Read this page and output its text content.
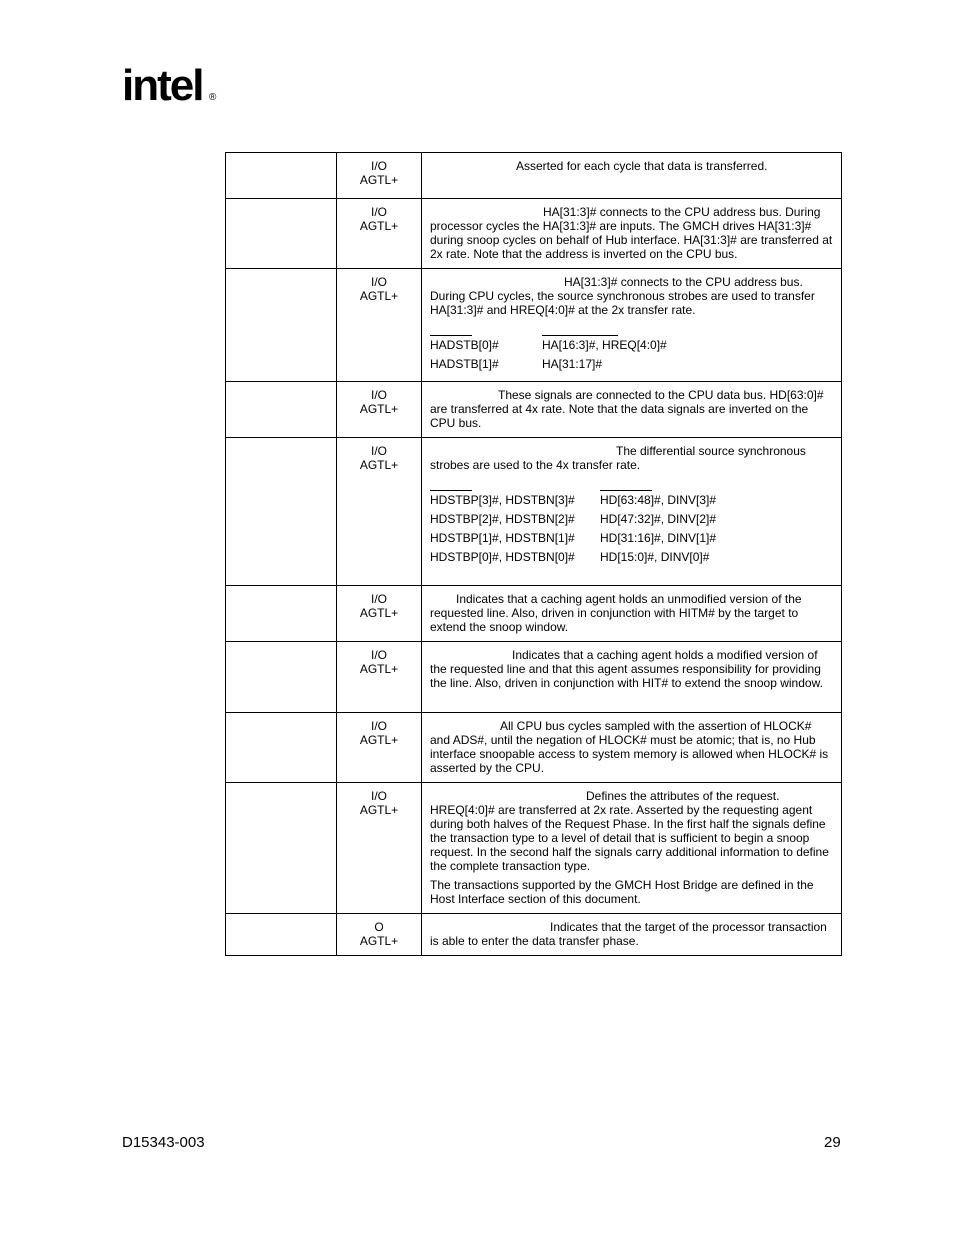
intel ®

I/O
AGTL+

Asserted for each cycle that data is transferred.

I/O
AGTL+

HA[31:3]# connects to the CPU address bus. During processor cycles the HA[31:3]# are inputs. The GMCH drives HA[31:3]# during snoop cycles on behalf of Hub interface. HA[31:3]# are transferred at 2x rate. Note that the address is inverted on the CPU bus.

I/O
AGTL+

HA[31:3]# connects to the CPU address bus. During CPU cycles, the source synchronous strobes are used to transfer HA[31:3]# and HREQ[4:0]# at the 2x transfer rate.

HADSTB[0]#	HA[16:3]#, HREQ[4:0]#
HADSTB[1]#	HA[31:17]#

I/O
AGTL+

These signals are connected to the CPU data bus. HD[63:0]# are transferred at 4x rate. Note that the data signals are inverted on the CPU bus.

I/O
AGTL+

The differential source synchronous strobes are used to the 4x transfer rate.

HDSTBP[3]#, HDSTBN[3]#	HD[63:48]#, DINV[3]#
HDSTBP[2]#, HDSTBN[2]#	HD[47:32]#, DINV[2]#
HDSTBP[1]#, HDSTBN[1]#	HD[31:16]#, DINV[1]#
HDSTBP[0]#, HDSTBN[0]#	HD[15:0]#, DINV[0]#

I/O
AGTL+

Indicates that a caching agent holds an unmodified version of the requested line. Also, driven in conjunction with HITM# by the target to extend the snoop window.

I/O
AGTL+

Indicates that a caching agent holds a modified version of the requested line and that this agent assumes responsibility for providing the line. Also, driven in conjunction with HIT# to extend the snoop window.

I/O
AGTL+

All CPU bus cycles sampled with the assertion of HLOCK# and ADS#, until the negation of HLOCK# must be atomic; that is, no Hub interface snoopable access to system memory is allowed when HLOCK# is asserted by the CPU.

I/O
AGTL+

Defines the attributes of the request. HREQ[4:0]# are transferred at 2x rate. Asserted by the requesting agent during both halves of the Request Phase. In the first half the signals define the transaction type to a level of detail that is sufficient to begin a snoop request. In the second half the signals carry additional information to define the complete transaction type.

The transactions supported by the GMCH Host Bridge are defined in the Host Interface section of this document.

O
AGTL+

Indicates that the target of the processor transaction is able to enter the data transfer phase.

D15343-003	29
